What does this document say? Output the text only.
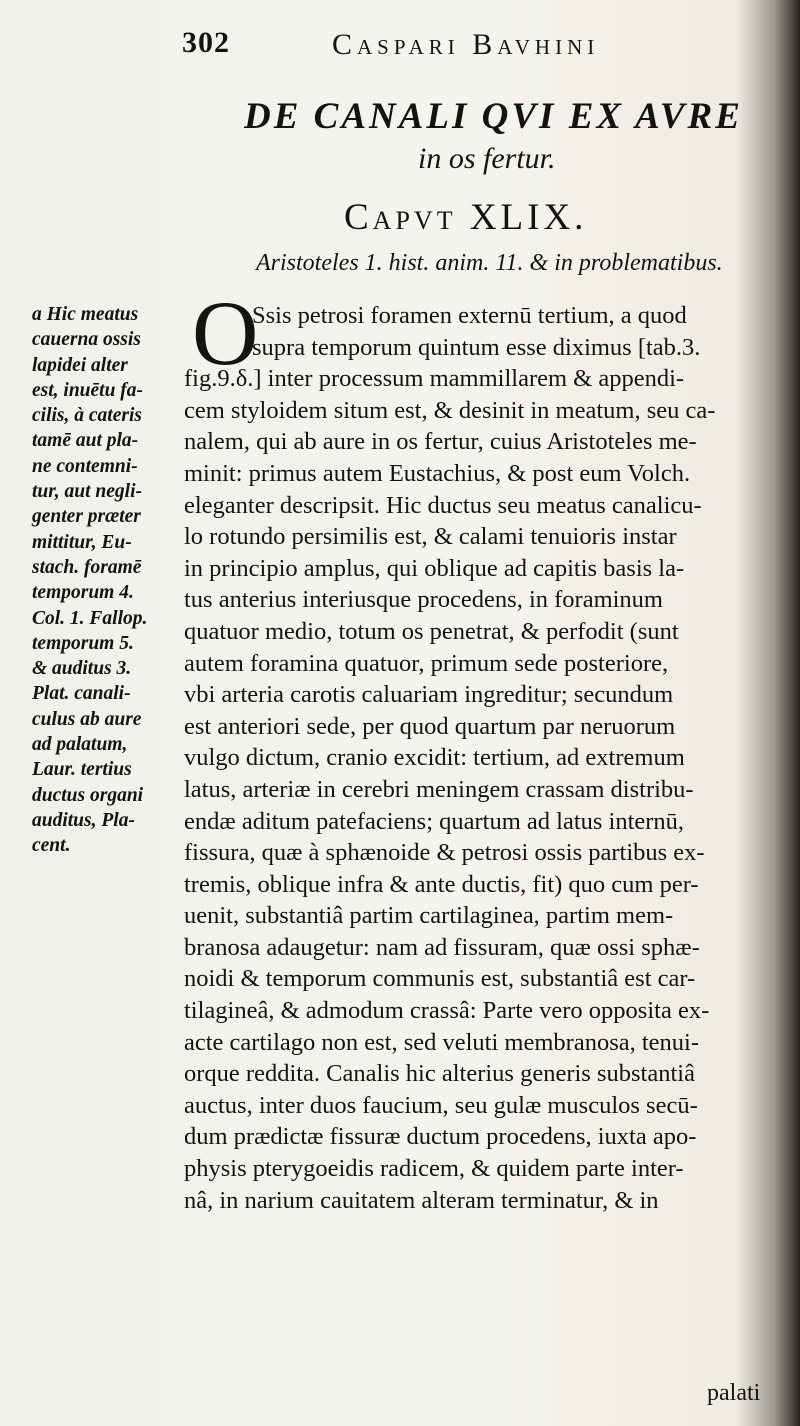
302	Caspari Bavhini
DE CANALI QVI EX AVRE
in os fertur.
Capvt XLIX.
Aristoteles 1. hist. anim. 11. & in problematibus.
a Hic meatus
cauerna ossis
lapidei alter
est, inuētu fa-
cilis, à cateris
tamē aut pla-
ne contemni-
tur, aut negli-
genter præter
mittitur, Eu-
stach. foramē
temporum 4.
Col. 1. Fallop.
temporum 5.
& auditus 3.
Plat. canali-
culus ab aure
ad palatum,
Laur. tertius
ductus organi
auditus, Pla-
cent.
O
Ssis petrosi foramen externū tertium, a quod
supra temporum quintum esse diximus [tab.3.
fig.9.δ.] inter processum mammillarem & appendi-
cem styloidem situm est, & desinit in meatum, seu ca-
nalem, qui ab aure in os fertur, cuius Aristoteles me-
minit: primus autem Eustachius, & post eum Volch.
eleganter descripsit. Hic ductus seu meatus canalicu-
lo rotundo persimilis est, & calami tenuioris instar
in principio amplus, qui oblique ad capitis basis la-
tus anterius interiusque procedens, in foraminum
quatuor medio, totum os penetrat, & perfodit (sunt
autem foramina quatuor, primum sede posteriore,
vbi arteria carotis caluariam ingreditur; secundum
est anteriori sede, per quod quartum par neruorum
vulgo dictum, cranio excidit: tertium, ad extremum
latus, arteriæ in cerebri meningem crassam distribu-
endæ aditum patefaciens; quartum ad latus internū,
fissura, quæ à sphænoide & petrosi ossis partibus ex-
tremis, oblique infra & ante ductis, fit) quo cum per-
uenit, substantiâ partim cartilaginea, partim mem-
branosa adaugetur: nam ad fissuram, quæ ossi sphæ-
noidi & temporum communis est, substantiâ est car-
tilagineâ, & admodum crassâ: Parte vero opposita ex-
acte cartilago non est, sed veluti membranosa, tenui-
orque reddita. Canalis hic alterius generis substantiâ
auctus, inter duos faucium, seu gulæ musculos secū-
dum prædictæ fissuræ ductum procedens, iuxta apo-
physis pterygoeidis radicem, & quidem parte inter-
nâ, in narium cauitatem alteram terminatur, & in
palati
